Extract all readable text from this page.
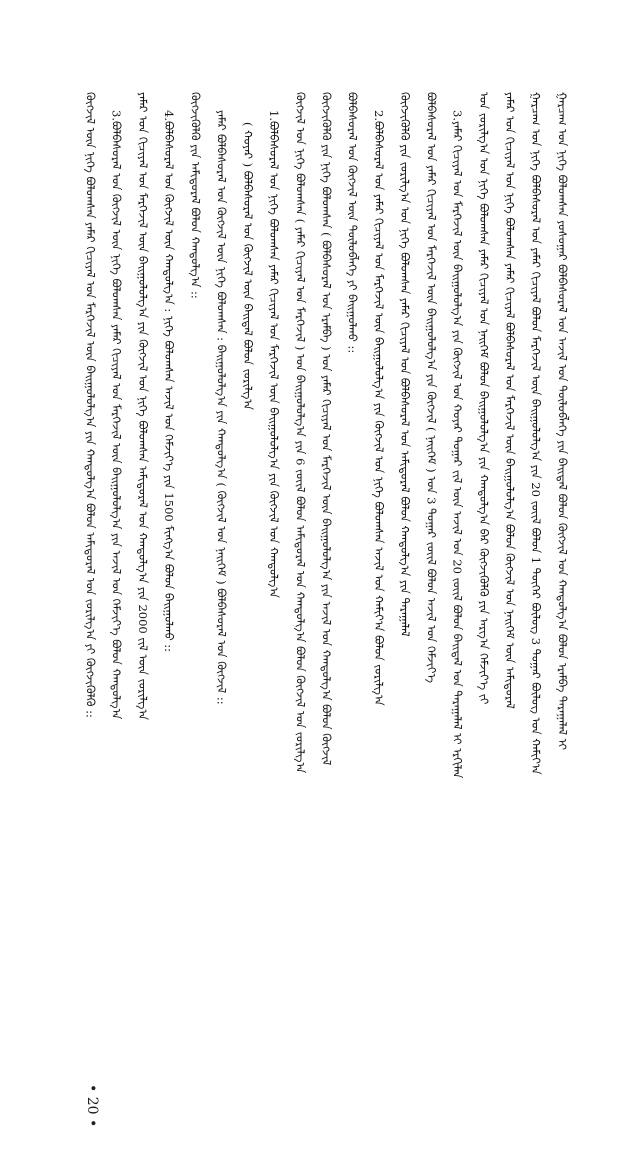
ᠭᠠᠷᠴᠠᠭ ᠤᠨ ᠨᠢᠭᠡ ᠪᠣᠯᠣᠭᠰᠠᠨ ᠶᠣᠰᠣᠭᠠᠷ ᠪᠣᠯᠪᠠᠰᠤᠷᠠᠯ ᠤᠨ ᠠᠵᠢᠯ ᠤᠨ ᠲᠥᠯᠥᠪᠯᠡᠭᠡ ᠶᠢᠨ ᠪᠠᠢᠳᠠᠯ ᠪᠣᠯᠣᠨ ᠬᠥᠭᠵᠢᠯ ᠤᠨ ᠬᠠᠨᠳᠤᠯᠭ᠎ᠠ ᠪᠣᠯᠣᠨ ᠡᠷᠡᠮᠪᠡ ᠳᠠᠷᠠᠭᠠᠯᠠᠯ ᠢ
ᠭᠠᠷᠴᠠᠭ ᠤᠨ ᠨᠢᠭᠡ ᠪᠣᠯᠪᠠᠰᠤᠷᠠᠯ ᠤᠨ ᠶᠠᠮᠠᠷ ᠬᠢᠴᠢᠶᠡᠯ ᠪᠣᠯᠣᠨ ᠮᠡᠷᠭᠡᠵᠢᠯ ᠦᠨ ᠪᠠᠢᠭᠤᠯᠤᠯᠭ᠎ᠠ ᠶᠢᠨ 20 ᠵᠦᠢᠯ ᠪᠣᠯᠣᠨ 1 ᠳᠦᠭᠡᠷ ᠪᠦᠯᠦᠭ 3 ᠳᠤᠭᠠᠷ ᠪᠦᠯᠦᠭ ᠤᠨ ᠬᠠᠮᠢᠶ᠎ᠠ
ᠶᠠᠮᠠᠷ ᠤᠨ ᠬᠢᠴᠢᠶᠡᠯ ᠤᠨ ᠨᠢᠭᠡ ᠪᠣᠯᠣᠭᠰᠠᠨ ᠶᠠᠮᠠᠷ ᠬᠢᠴᠢᠶᠡᠯ ᠪᠣᠯᠪᠠᠰᠤᠷᠠᠯ ᠤᠨ ᠮᠡᠷᠭᠡᠵᠢᠯ ᠦᠨ ᠪᠠᠢᠭᠤᠯᠤᠯᠭ᠎ᠠ ᠪᠣᠯᠣᠨ ᠬᠥᠭᠵᠢᠯ ᠤᠨ ᠨᠡᠢᠭᠡᠮ ᠦᠨ ᠠᠮᠢᠳᠤᠷᠠᠯ
ᠤᠨ ᠵᠣᠷᠢᠯᠭ᠎ᠠ ᠤᠨ ᠨᠢᠭᠡ ᠪᠣᠯᠣᠭᠰᠠᠨ ᠶᠠᠮᠠᠷ ᠬᠢᠴᠢᠶᠡᠯ ᠤᠨ ᠨᠡᠢᠭᠡᠮ ᠪᠣᠯᠣᠨ ᠪᠠᠢᠭᠤᠯᠤᠯᠭ᠎ᠠ ᠶᠢᠨ ᠬᠠᠨᠳᠤᠯᠭ᠎ᠠ ᠪᠠᠷ ᠬᠥᠭᠵᠢᠭᠦᠯᠬᠦ ᠶᠢᠨ ᠠᠷᠭ᠎ᠠ ᠬᠡᠮᠵᠢᠶ᠎ᠡ ᠵᠢ
3.ᠶᠠᠮᠠᠷ ᠬᠢᠴᠢᠶᠡᠯ ᠤᠨ ᠮᠡᠷᠭᠡᠵᠢᠯ ᠦᠨ ᠪᠠᠢᠭᠤᠯᠤᠯᠭ᠎ᠠ ᠶᠢᠨ ᠬᠥᠭᠵᠢᠯ ᠤᠨ ᠬᠣᠶᠠᠷ ᠳᠤᠭᠠᠷ ᠵᠢᠯ ᠦᠨ ᠠᠵᠢᠯ ᠤᠨ 20 ᠵᠦᠢᠯ ᠪᠣᠯᠣᠨ ᠪᠠᠢᠳᠠᠯ ᠤᠨ ᠳᠠᠷᠠᠭᠠᠯᠠᠯ ᠢ ᠡᠷᠬᠢᠯᠡᠨ
ᠪᠣᠯᠪᠠᠰᠤᠷᠠᠯ ᠤᠨ ᠶᠠᠮᠠᠷ ᠬᠢᠴᠢᠶᠡᠯ ᠤᠨ ᠮᠡᠷᠭᠡᠵᠢᠯ ᠦᠨ ᠪᠠᠢᠭᠤᠯᠤᠯᠭ᠎ᠠ ᠶᠢᠨ ᠬᠥᠭᠵᠢᠯ ( ᠨᠡᠢᠭᠡᠮ ) ᠤᠨ 3 ᠳᠤᠭᠠᠷ ᠵᠦᠢᠯ ᠪᠣᠯᠣᠨ ᠠᠵᠢᠯ ᠤᠨ ᠬᠡᠮᠵᠢᠶ᠎ᠡ
ᠬᠥᠭᠵᠢᠭᠦᠯᠬᠦ ᠶᠢᠨ ᠵᠣᠷᠢᠯᠭ᠎ᠠ ᠤᠨ ᠨᠢᠭᠡ ᠪᠣᠯᠣᠭᠰᠠᠨ ᠶᠠᠮᠠᠷ ᠬᠢᠴᠢᠶᠡᠯ ᠤᠨ ᠪᠣᠯᠪᠠᠰᠤᠷᠠᠯ ᠤᠨ ᠠᠮᠢᠳᠤᠷᠠᠯ ᠪᠣᠯᠣᠨ ᠬᠠᠨᠳᠤᠯᠭ᠎ᠠ ᠶᠢᠨ ᠳᠠᠷᠠᠭᠠᠯᠠᠯ
2.ᠪᠣᠯᠪᠠᠰᠤᠷᠠᠯ ᠤᠨ ᠶᠠᠮᠠᠷ ᠬᠢᠴᠢᠶᠡᠯ ᠤᠨ ᠮᠡᠷᠭᠡᠵᠢᠯ ᠦᠨ ᠪᠠᠢᠭᠤᠯᠤᠯᠭ᠎ᠠ ᠶᠢᠨ ᠬᠥᠭᠵᠢᠯ ᠤᠨ ᠨᠢᠭᠡ ᠪᠣᠯᠣᠭᠰᠠᠨ ᠠᠵᠢᠯ ᠤᠨ ᠬᠠᠮᠢᠶ᠎ᠠ ᠪᠣᠯᠣᠨ ᠵᠣᠷᠢᠯᠭ᠎ᠠ
ᠪᠣᠯᠪᠠᠰᠤᠷᠠᠯ ᠤᠨ ᠬᠥᠭᠵᠢᠯ ᠦᠨ ᠲᠥᠯᠥᠪᠯᠡᠭᠡ ᠶᠢ ᠪᠠᠢᠭᠤᠯᠬᠤ ::
ᠬᠥᠭᠵᠢᠭᠦᠯᠬᠦ ᠶᠢᠨ ᠨᠢᠭᠡ ᠪᠣᠯᠣᠭᠰᠠᠨ ( ᠪᠣᠯᠪᠠᠰᠤᠷᠠᠯ ᠤᠨ ᠡᠷᠡᠮᠪᠡ ) ᠤᠨ ᠶᠠᠮᠠᠷ ᠬᠢᠴᠢᠶᠡᠯ ᠤᠨ ᠮᠡᠷᠭᠡᠵᠢᠯ ᠦᠨ ᠪᠠᠢᠭᠤᠯᠤᠯᠭ᠎ᠠ ᠶᠢᠨ ᠠᠵᠢᠯ ᠤᠨ ᠬᠠᠨᠳᠤᠯᠭ᠎ᠠ ᠪᠣᠯᠣᠨ ᠬᠥᠭᠵᠢᠯ
ᠬᠥᠭᠵᠢᠯ ᠤᠨ ᠨᠢᠭᠡ ᠪᠣᠯᠣᠭᠰᠠᠨ ( ᠶᠠᠮᠠᠷ ᠬᠢᠴᠢᠶᠡᠯ ᠤᠨ ᠮᠡᠷᠭᠡᠵᠢᠯ ) ᠤᠨ ᠪᠠᠢᠭᠤᠯᠤᠯᠭ᠎ᠠ ᠶᠢᠨ 6 ᠵᠦᠢᠯ ᠪᠣᠯᠣᠨ ᠠᠮᠢᠳᠤᠷᠠᠯ ᠤᠨ ᠬᠠᠨᠳᠤᠯᠭ᠎ᠠ ᠪᠣᠯᠣᠨ ᠬᠥᠭᠵᠢᠯ ᠤᠨ ᠵᠣᠷᠢᠯᠭ᠎ᠠ
1.ᠪᠣᠯᠪᠠᠰᠤᠷᠠᠯ ᠤᠨ ᠨᠢᠭᠡ ᠪᠣᠯᠣᠭᠰᠠᠨ ᠶᠠᠮᠠᠷ ᠬᠢᠴᠢᠶᠡᠯ ᠤᠨ ᠮᠡᠷᠭᠡᠵᠢᠯ ᠦᠨ ᠪᠠᠢᠭᠤᠯᠤᠯᠭ᠎ᠠ ᠶᠢᠨ ᠬᠥᠭᠵᠢᠯ ᠤᠨ ᠬᠠᠨᠳᠤᠯᠭ᠎ᠠ
( ᠬᠣᠶᠠᠷ ) ᠪᠣᠯᠪᠠᠰᠤᠷᠠᠯ ᠤᠨ ᠬᠥᠭᠵᠢᠯ ᠦᠨ ᠪᠠᠢᠳᠠᠯ ᠪᠣᠯᠣᠨ ᠵᠣᠷᠢᠯᠭ᠎ᠠ
ᠶᠠᠮᠠᠷ ᠪᠣᠯᠪᠠᠰᠤᠷᠠᠯ ᠤᠨ ᠬᠥᠭᠵᠢᠯ ᠦᠨ ᠨᠢᠭᠡ ᠪᠣᠯᠣᠭᠰᠠᠨ : ᠪᠠᠢᠭᠤᠯᠤᠯᠭ᠎ᠠ ᠶᠢᠨ ᠬᠠᠨᠳᠤᠯᠭ᠎ᠠ ( ᠬᠥᠭᠵᠢᠯ ᠤᠨ ᠨᠡᠢᠭᠡᠮ ) ᠪᠣᠯᠪᠠᠰᠤᠷᠠᠯ ᠤᠨ ᠬᠥᠭᠵᠢᠯ ::
ᠬᠥᠭᠵᠢᠭᠦᠯᠬᠦ ᠶᠢᠨ ᠠᠮᠢᠳᠤᠷᠠᠯ ᠪᠣᠯᠣᠨ ᠬᠠᠨᠳᠤᠯᠭ᠎ᠠ ::
4.ᠪᠣᠯᠪᠠᠰᠤᠷᠠᠯ ᠤᠨ ᠬᠥᠭᠵᠢᠯ ᠦᠨ ᠬᠠᠨᠳᠤᠯᠭ᠎ᠠ : ᠨᠢᠭᠡ ᠪᠣᠯᠣᠭᠰᠠᠨ ᠠᠵᠢᠯ ᠤᠨ ᠬᠡᠮᠵᠢᠶ᠎ᠡ ᠶᠢᠨ 1500 ᠮᠢᠩᠭ᠎ᠠ ᠪᠣᠯᠣᠨ ᠪᠠᠢᠭᠤᠯᠬᠤ ::
ᠶᠠᠮᠠᠷ ᠤᠨ ᠬᠢᠴᠢᠶᠡᠯ ᠤᠨ ᠮᠡᠷᠭᠡᠵᠢᠯ ᠦᠨ ᠪᠠᠢᠭᠤᠯᠤᠯᠭ᠎ᠠ ᠶᠢᠨ ᠬᠥᠭᠵᠢᠯ ᠤᠨ ᠨᠢᠭᠡ ᠪᠣᠯᠣᠭᠰᠠᠨ ᠠᠮᠢᠳᠤᠷᠠᠯ ᠤᠨ ᠬᠠᠨᠳᠤᠯᠭ᠎ᠠ ᠶᠢᠨ 2000 ᠵᠢᠯ ᠦᠨ ᠵᠣᠷᠢᠯᠭ᠎ᠠ
3.ᠪᠣᠯᠪᠠᠰᠤᠷᠠᠯ ᠤᠨ ᠬᠥᠭᠵᠢᠯ ᠦᠨ ᠨᠢᠭᠡ ᠪᠣᠯᠣᠭᠰᠠᠨ ᠶᠠᠮᠠᠷ ᠬᠢᠴᠢᠶᠡᠯ ᠤᠨ ᠮᠡᠷᠭᠡᠵᠢᠯ ᠦᠨ ᠪᠠᠢᠭᠤᠯᠤᠯᠭ᠎ᠠ ᠶᠢᠨ ᠠᠵᠢᠯ ᠤᠨ ᠬᠡᠮᠵᠢᠶ᠎ᠡ ᠪᠣᠯᠣᠨ ᠬᠠᠨᠳᠤᠯᠭ᠎ᠠ
ᠬᠥᠭᠵᠢᠯ ᠦᠨ ᠨᠢᠭᠡ ᠪᠣᠯᠣᠭᠰᠠᠨ ᠶᠠᠮᠠᠷ ᠬᠢᠴᠢᠶᠡᠯ ᠤᠨ ᠮᠡᠷᠭᠡᠵᠢᠯ ᠦᠨ ᠪᠠᠢᠭᠤᠯᠤᠯᠭ᠎ᠠ ᠶᠢᠨ ᠬᠠᠨᠳᠤᠯᠭ᠎ᠠ ᠪᠣᠯᠣᠨ ᠠᠮᠢᠳᠤᠷᠠᠯ ᠤᠨ ᠵᠣᠷᠢᠯᠭ᠎ᠠ ᠶᠢ ᠬᠥᠭᠵᠢᠭᠦᠯᠬᠦ ::
• 20 •
